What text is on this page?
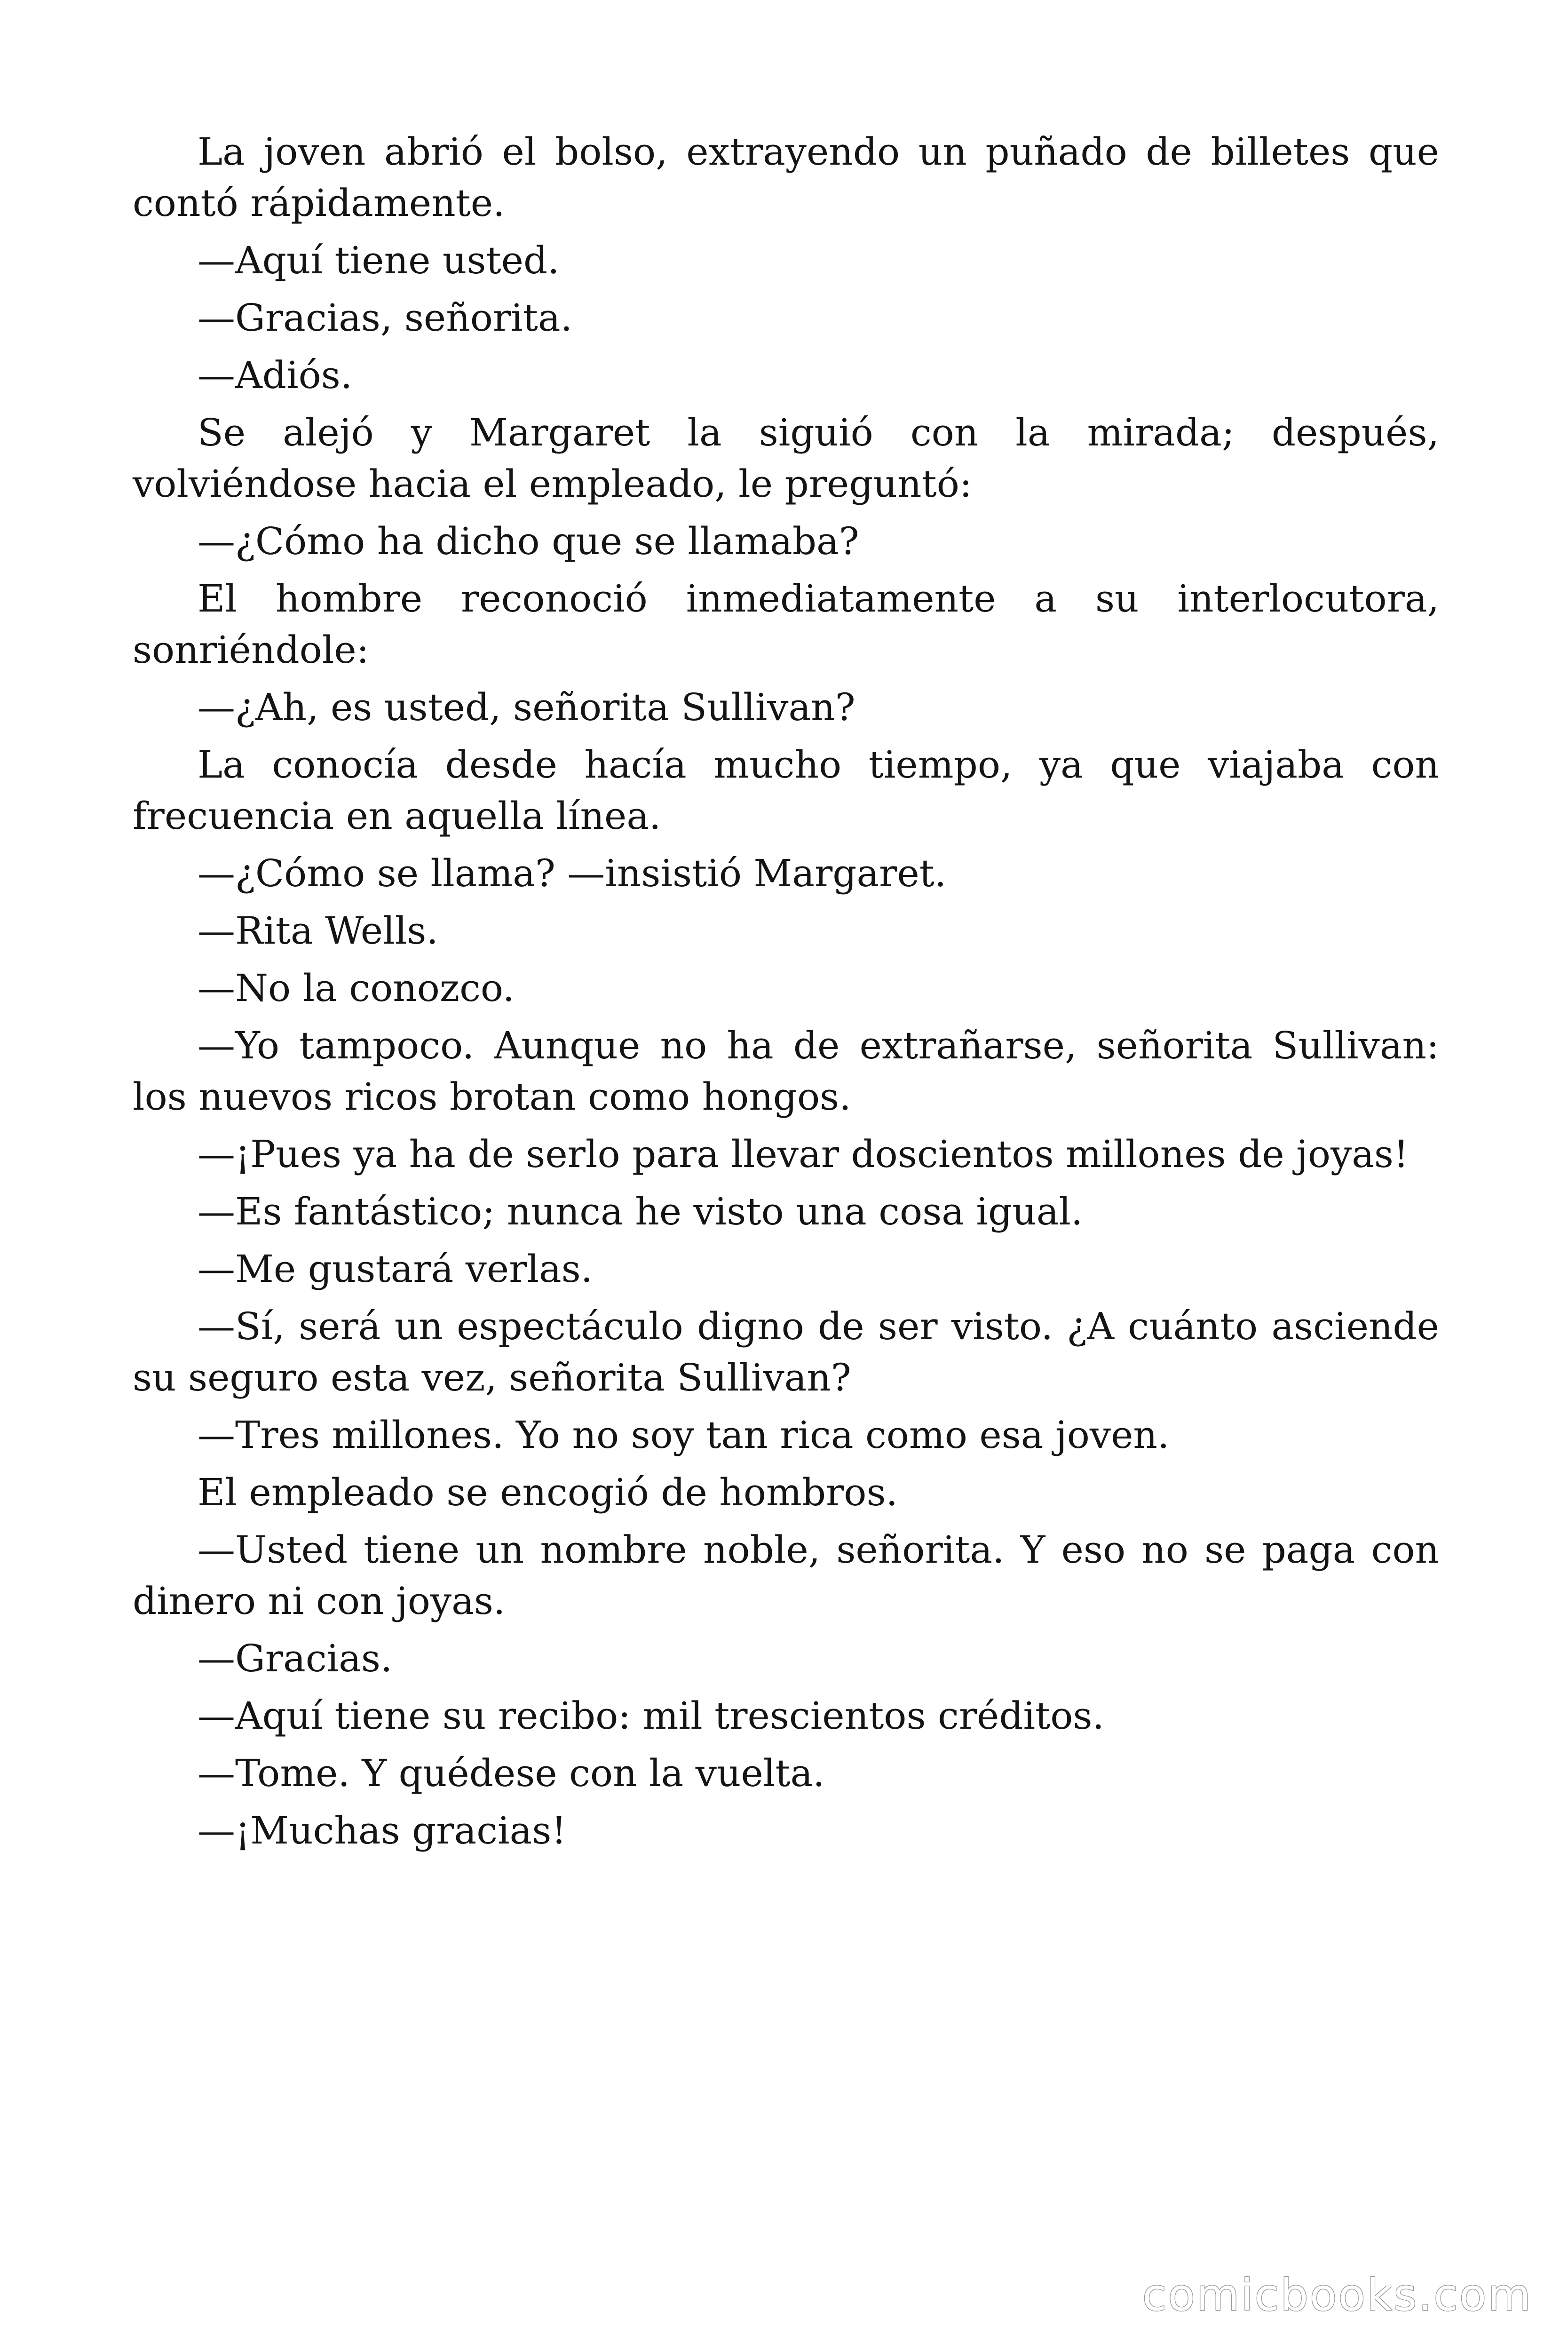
La joven abrió el bolso, extrayendo un puñado de billetes que contó rápidamente.

—Aquí tiene usted.

—Gracias, señorita.

—Adiós.

Se alejó y Margaret la siguió con la mirada; después, volviéndose hacia el empleado, le preguntó:

—¿Cómo ha dicho que se llamaba?

El hombre reconoció inmediatamente a su interlocutora, sonriéndole:

—¿Ah, es usted, señorita Sullivan?

La conocía desde hacía mucho tiempo, ya que viajaba con frecuencia en aquella línea.

—¿Cómo se llama? —insistió Margaret.

—Rita Wells.

—No la conozco.

—Yo tampoco. Aunque no ha de extrañarse, señorita Sullivan: los nuevos ricos brotan como hongos.

—¡Pues ya ha de serlo para llevar doscientos millones de joyas!

—Es fantástico; nunca he visto una cosa igual.

—Me gustará verlas.

—Sí, será un espectáculo digno de ser visto. ¿A cuánto asciende su seguro esta vez, señorita Sullivan?

—Tres millones. Yo no soy tan rica como esa joven.

El empleado se encogió de hombros.

—Usted tiene un nombre noble, señorita. Y eso no se paga con dinero ni con joyas.

—Gracias.

—Aquí tiene su recibo: mil trescientos créditos.

—Tome. Y quédese con la vuelta.

—¡Muchas gracias!

comicbooks.com
